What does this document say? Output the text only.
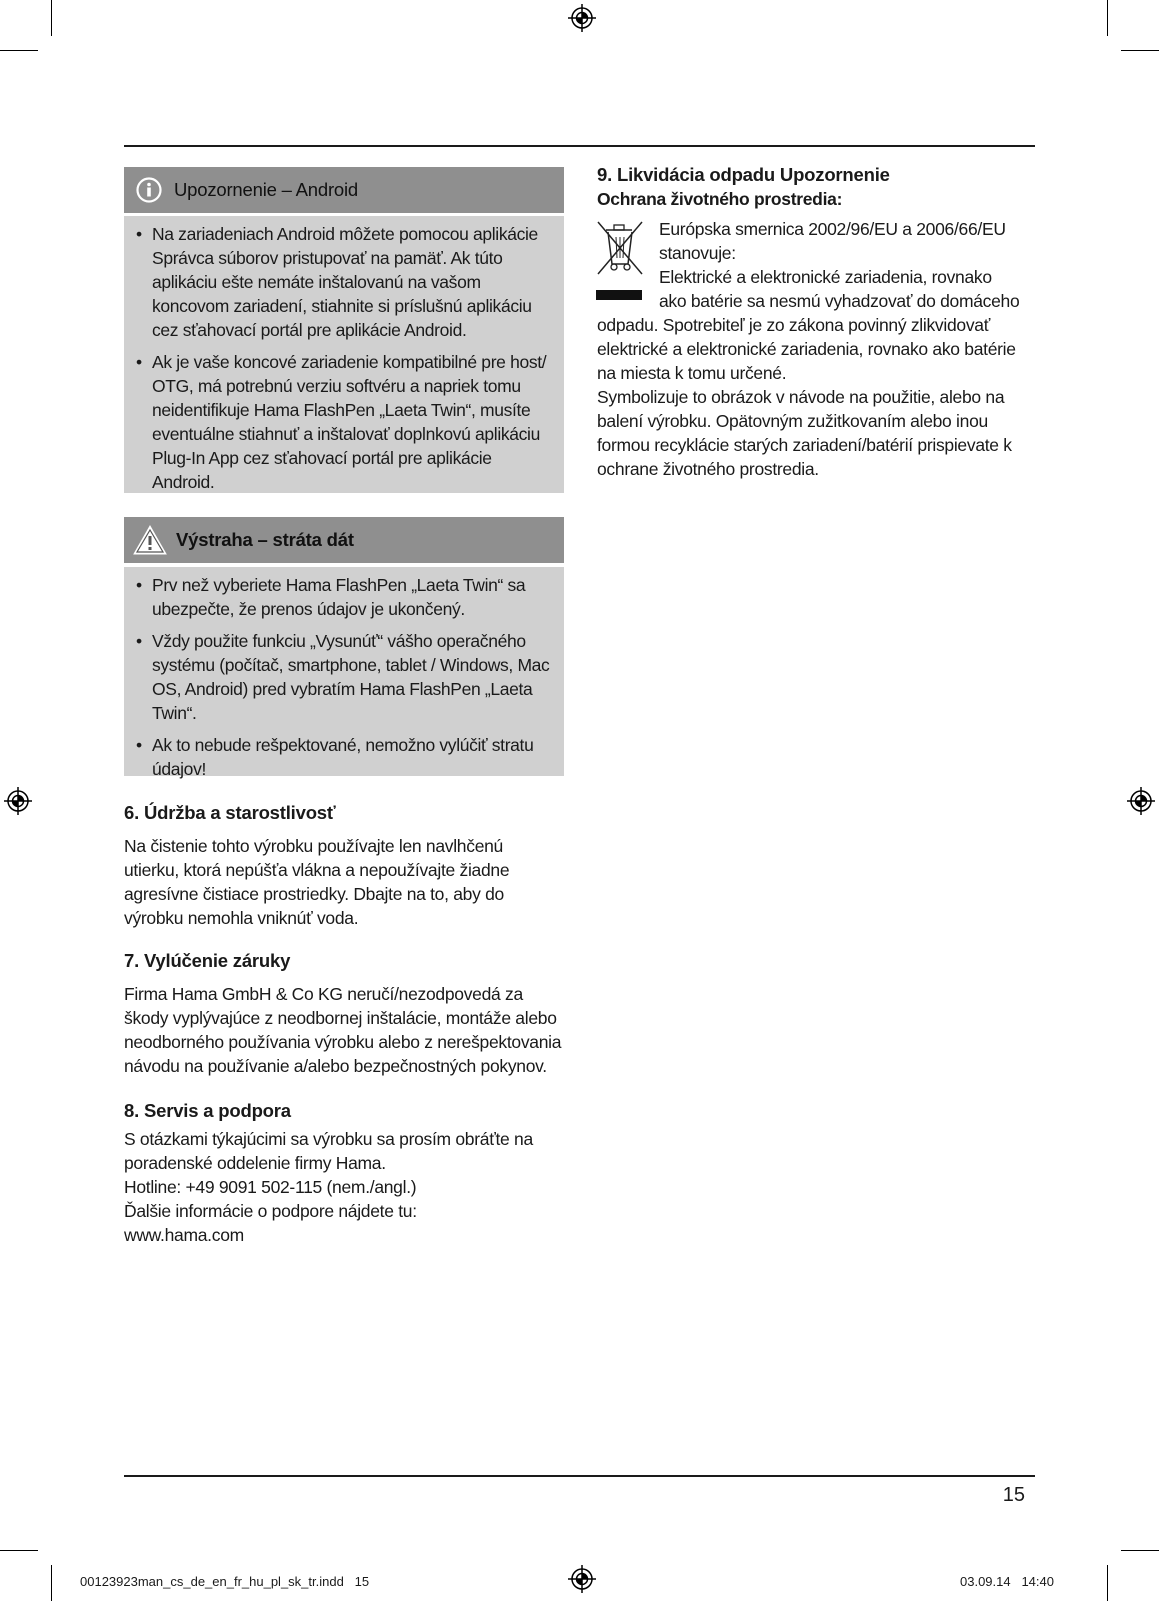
Upozornenie – Android
• Na zariadeniach Android môžete pomocou aplikácie Správca súborov pristupovať na pamäť. Ak túto aplikáciu ešte nemáte inštalovanú na vašom koncovom zariadení, stiahnite si príslušnú aplikáciu cez sťahovací portál pre aplikácie Android.
• Ak je vaše koncové zariadenie kompatibilné pre host/ OTG, má potrebnú verziu softvéru a napriek tomu neidentifikuje Hama FlashPen „Laeta Twin“, musíte eventuálne stiahnuť a inštalovať doplnkovú aplikáciu Plug-In App cez sťahovací portál pre aplikácie Android.
Výstraha – stráta dát
• Prv než vyberiete Hama FlashPen „Laeta Twin“ sa ubezpečte, že prenos údajov je ukončený.
• Vždy použite funkciu „Vysunúť“ vášho operačného systému (počítač, smartphone, tablet / Windows, Mac OS, Android) pred vybratím Hama FlashPen „Laeta Twin“.
• Ak to nebude rešpektované, nemožno vylúčiť stratu údajov!
6. Údržba a starostlivosť
Na čistenie tohto výrobku používajte len navlhčenú
utierku, ktorá nepúšťa vlákna a nepoužívajte žiadne
agresívne čistiace prostriedky. Dbajte na to, aby do
výrobku nemohla vniknúť voda.
7. Vylúčenie záruky
Firma Hama GmbH & Co KG neručí/nezodpovedá za
škody vyplývajúce z neodbornej inštalácie, montáže alebo
neodborného používania výrobku alebo z nerešpektovania
návodu na používanie a/alebo bezpečnostných pokynov.
8. Servis a podpora
S otázkami týkajúcimi sa výrobku sa prosím obráťte na
poradenské oddelenie firmy Hama.
Hotline: +49 9091 502-115 (nem./angl.)
Ďalšie informácie o podpore nájdete tu:
www.hama.com
9. Likvidácia odpadu Upozornenie
Ochrana životného prostredia:
Európska smernica 2002/96/EU a 2006/66/EU
stanovuje:
Elektrické a elektronické zariadenia, rovnako
ako batérie sa nesmú vyhadzovať do domáceho
odpadu. Spotrebiteľ je zo zákona povinný zlikvidovať
elektrické a elektronické zariadenia, rovnako ako batérie
na miesta k tomu určené.
Symbolizuje to obrázok v návode na použitie, alebo na
balení výrobku. Opätovným zužitkovaním alebo inou
formou recyklácie starých zariadení/batérií prispievate k
ochrane životného prostredia.
15
00123923man_cs_de_en_fr_hu_pl_sk_tr.indd   15	03.09.14   14:40
